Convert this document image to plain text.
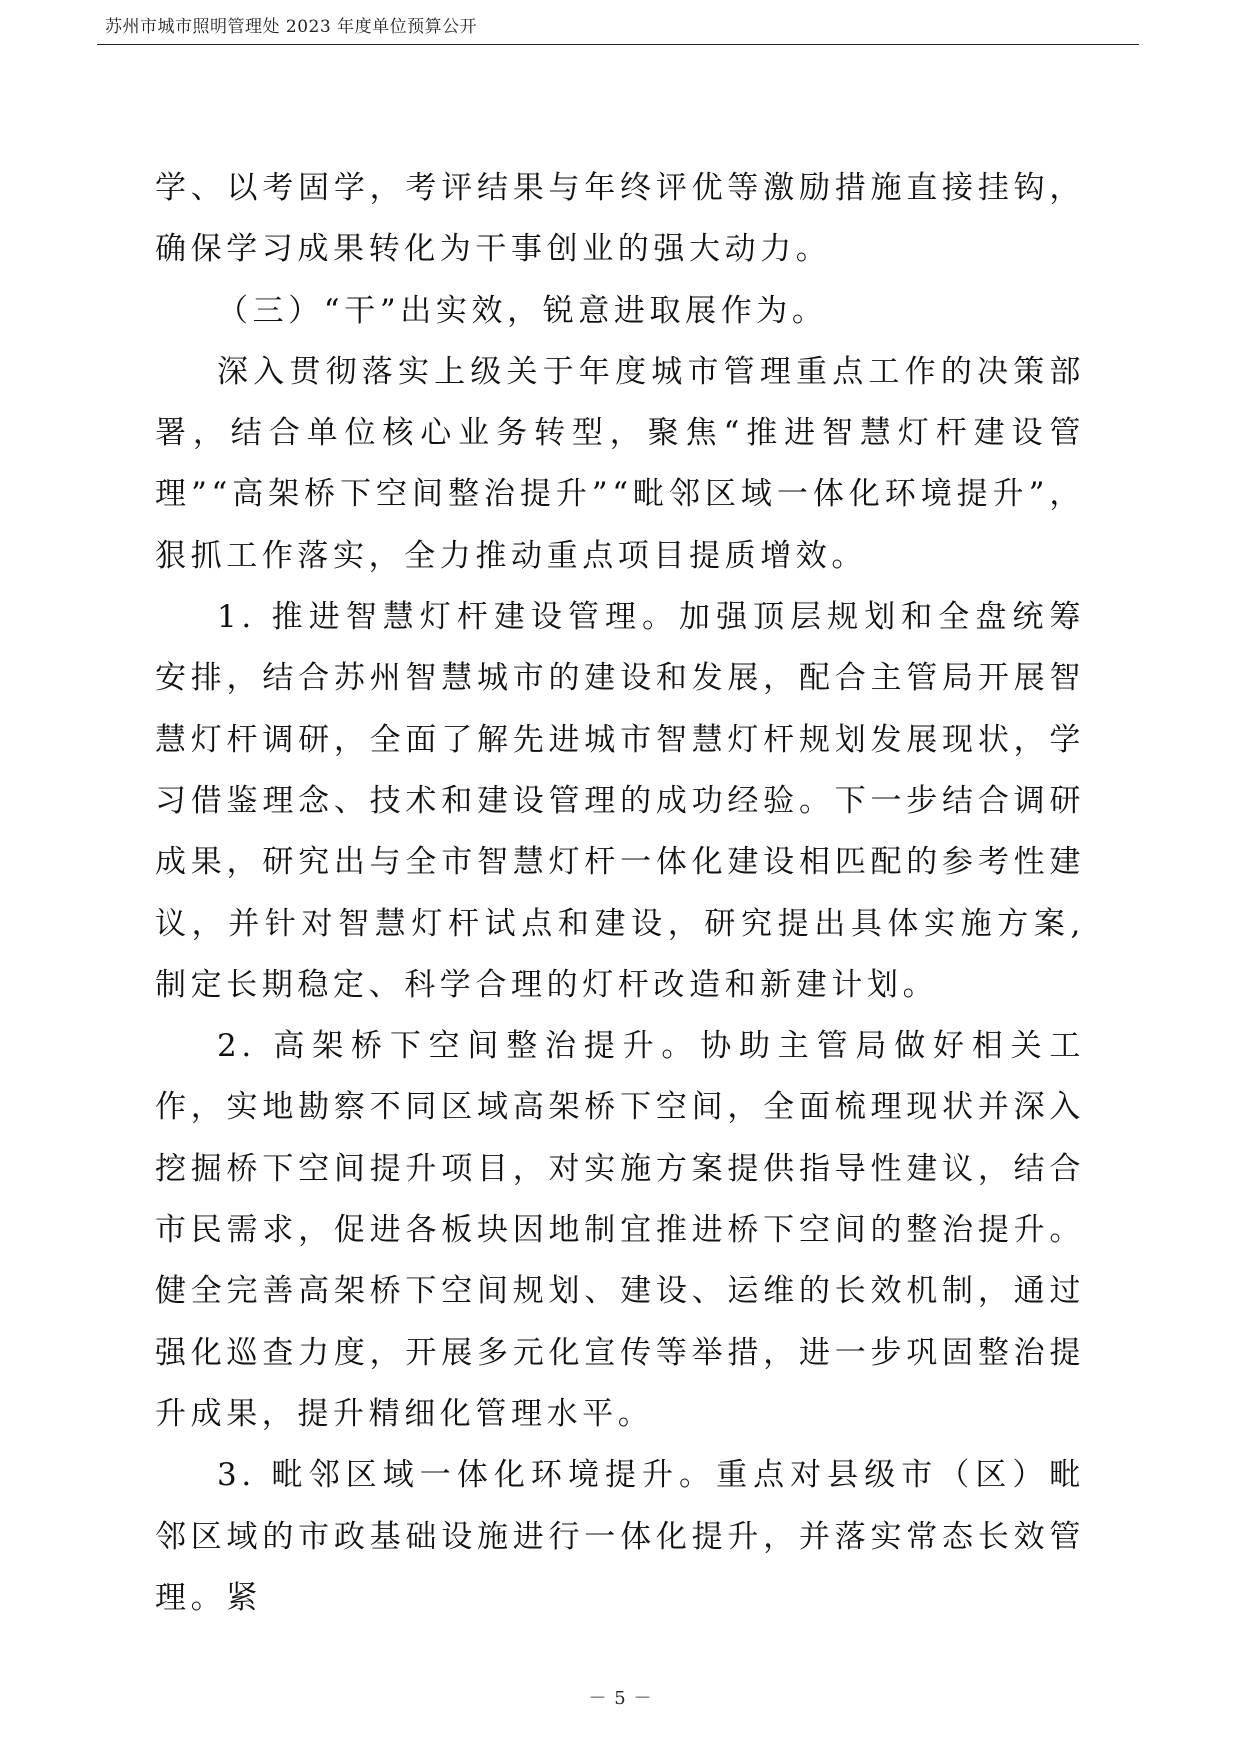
苏州市城市照明管理处 2023 年度单位预算公开

学、以考固学，考评结果与年终评优等激励措施直接挂钩，确保学习成果转化为干事创业的强大动力。

（三）“干”出实效，锐意进取展作为。

深入贯彻落实上级关于年度城市管理重点工作的决策部署，结合单位核心业务转型，聚焦“推进智慧灯杆建设管理”“高架桥下空间整治提升”“毗邻区域一体化环境提升”，狠抓工作落实，全力推动重点项目提质增效。

1. 推进智慧灯杆建设管理。加强顶层规划和全盘统筹安排，结合苏州智慧城市的建设和发展，配合主管局开展智慧灯杆调研，全面了解先进城市智慧灯杆规划发展现状，学习借鉴理念、技术和建设管理的成功经验。下一步结合调研成果，研究出与全市智慧灯杆一体化建设相匹配的参考性建议，并针对智慧灯杆试点和建设，研究提出具体实施方案,制定长期稳定、科学合理的灯杆改造和新建计划。

2. 高架桥下空间整治提升。协助主管局做好相关工作，实地勘察不同区域高架桥下空间，全面梳理现状并深入挖掘桥下空间提升项目，对实施方案提供指导性建议，结合市民需求，促进各板块因地制宜推进桥下空间的整治提升。健全完善高架桥下空间规划、建设、运维的长效机制，通过强化巡查力度，开展多元化宣传等举措，进一步巩固整治提升成果，提升精细化管理水平。

3. 毗邻区域一体化环境提升。重点对县级市（区）毗邻区域的市政基础设施进行一体化提升，并落实常态长效管理。紧

－ 5 －
